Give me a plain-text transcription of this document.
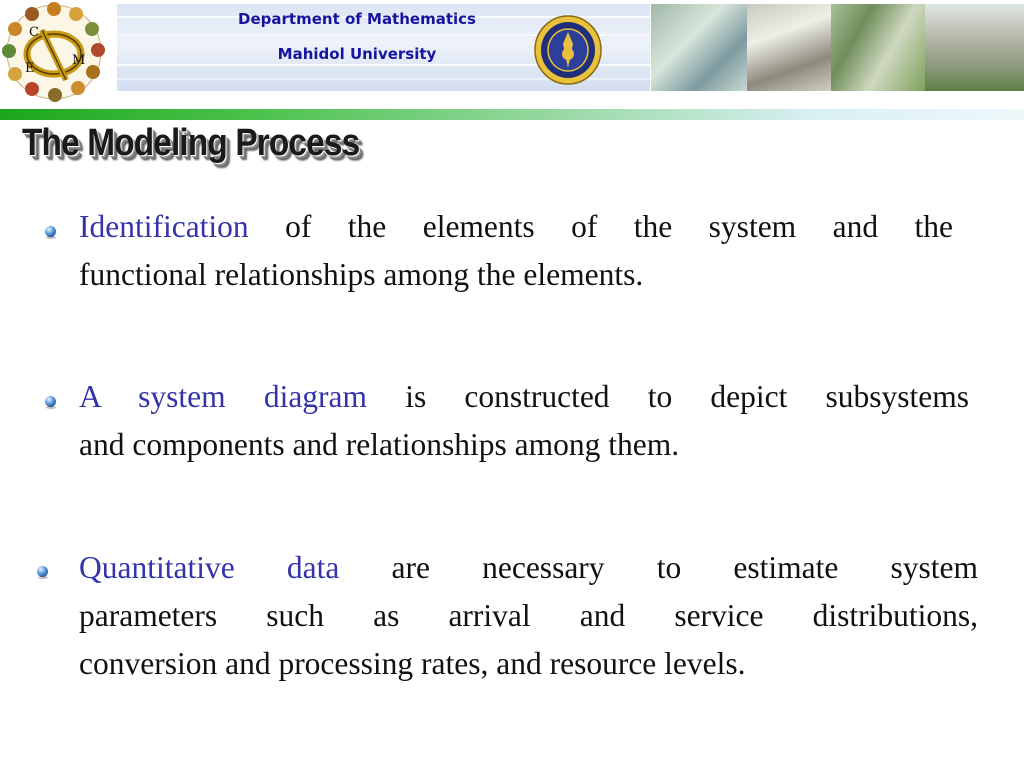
C
E
M
Department of Mathematics
Mahidol University
The Modeling Process
Identification of the elements of the system and the
functional relationships among the elements.
A system diagram is constructed to depict subsystems
and components and relationships among them.
Quantitative data are necessary to estimate system
parameters such as arrival and service distributions,
conversion and processing rates, and resource levels.
